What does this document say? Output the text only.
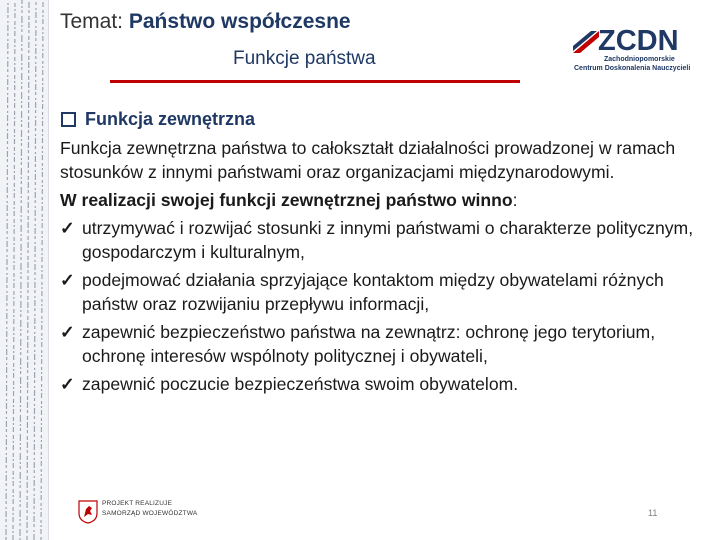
Temat: Państwo współczesne
Funkcje państwa
ZCDN
Zachodniopomorskie
Centrum Doskonalenia Nauczycieli
Funkcja zewnętrzna

Funkcja zewnętrzna państwa to całokształt działalności prowadzonej w ramach stosunków z innymi państwami oraz organizacjami międzynarodowymi.

W realizacji swojej funkcji zewnętrznej państwo winno:

✓ utrzymywać i rozwijać stosunki z innymi państwami o charakterze politycznym, gospodarczym i kulturalnym,
✓ podejmować działania sprzyjające kontaktom między obywatelami różnych państw oraz rozwijaniu przepływu informacji,
✓ zapewnić bezpieczeństwo państwa na zewnątrz: ochronę jego terytorium, ochronę interesów wspólnoty politycznej i obywateli,
✓ zapewnić poczucie bezpieczeństwa swoim obywatelom.
PROJEKT REALIZUJE
SAMORZĄD WOJEWÓDZTWA	11
